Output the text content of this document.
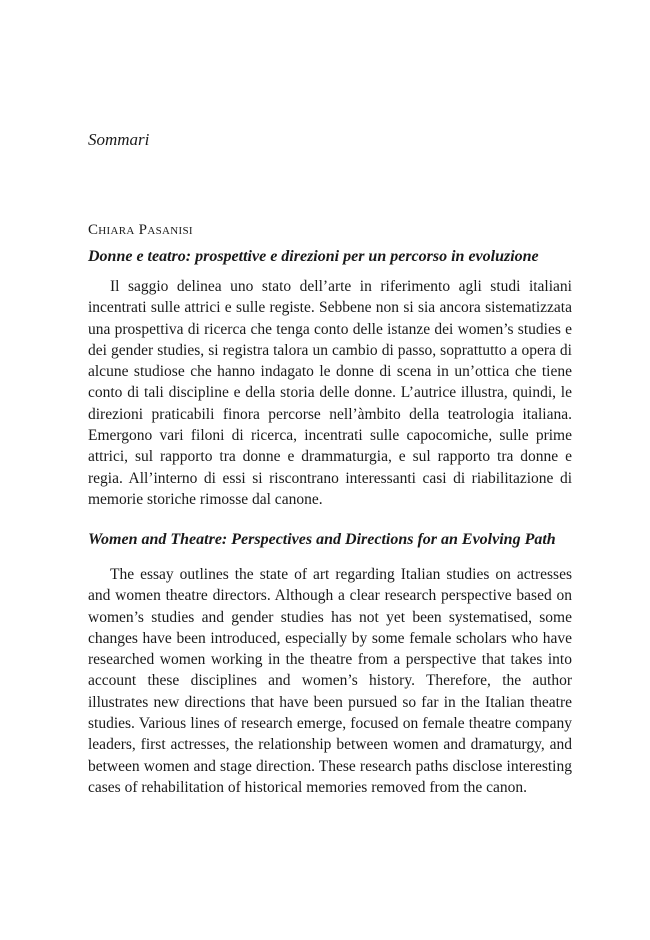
Sommari
Chiara Pasanisi
Donne e teatro: prospettive e direzioni per un percorso in evoluzione

Il saggio delinea uno stato dell’arte in riferimento agli studi italiani incentrati sulle attrici e sulle registe. Sebbene non si sia ancora sistematizzata una prospettiva di ricerca che tenga conto delle istanze dei women’s studies e dei gender studies, si registra talora un cambio di passo, soprattutto a opera di alcune studiose che hanno indagato le donne di scena in un’ottica che tiene conto di tali discipline e della storia delle donne. L’autrice illustra, quindi, le direzioni praticabili finora percorse nell’àmbito della teatrologia italiana. Emergono vari filoni di ricerca, incentrati sulle capocomiche, sulle prime attrici, sul rapporto tra donne e drammaturgia, e sul rapporto tra donne e regia. All’interno di essi si riscontrano interessanti casi di riabilitazione di memorie storiche rimosse dal canone.

Women and Theatre: Perspectives and Directions for an Evolving Path

The essay outlines the state of art regarding Italian studies on actresses and women theatre directors. Although a clear research perspective based on women’s studies and gender studies has not yet been systematised, some changes have been introduced, especially by some female scholars who have researched women working in the theatre from a perspective that takes into account these disciplines and women’s history. Therefore, the author illustrates new directions that have been pursued so far in the Italian theatre studies. Various lines of research emerge, focused on female theatre company leaders, first actresses, the relationship between women and dramaturgy, and between women and stage direction. These research paths disclose interesting cases of rehabilitation of historical memories removed from the canon.
